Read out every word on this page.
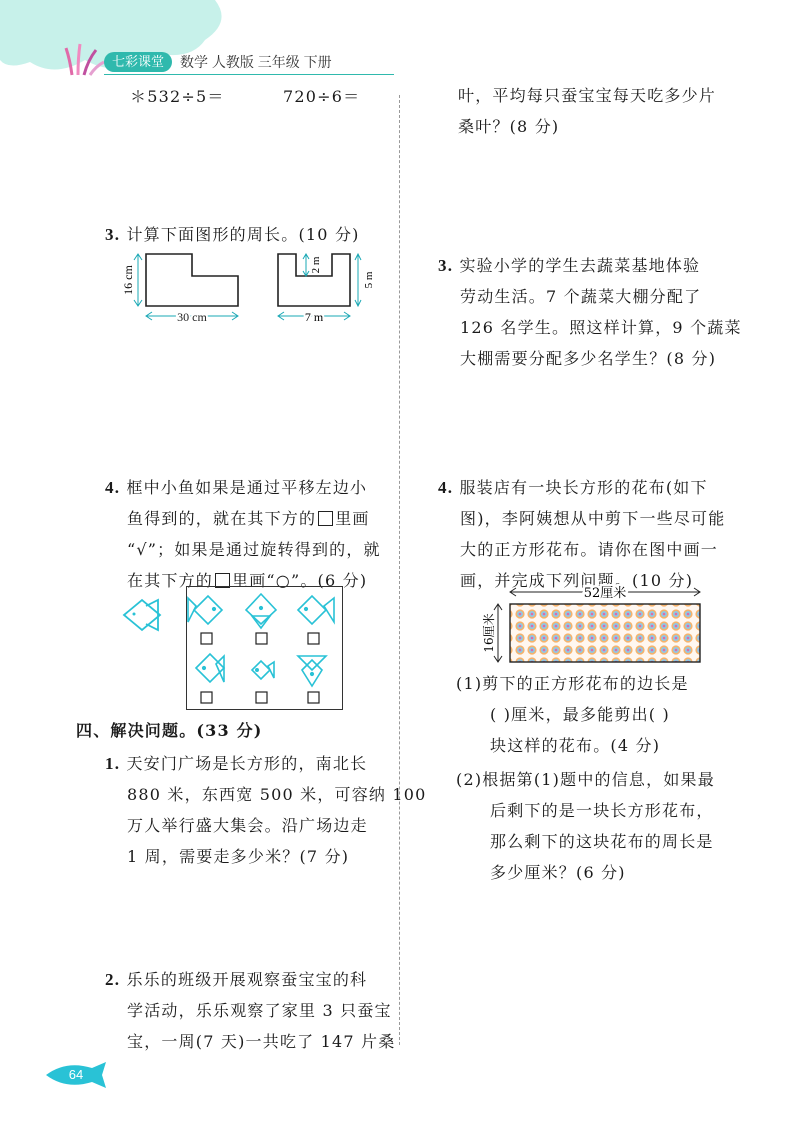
七彩课堂	数学 人教版 三年级 下册
＊532÷5＝	720÷6＝
3. 计算下面图形的周长。(10 分)
16 cm
30 cm
2 m
5 m
7 m
4. 框中小鱼如果是通过平移左边小
鱼得到的，就在其下方的 里画
“√”；如果是通过旋转得到的，就
在其下方的 里画“○”。(6 分)
四、解决问题。(33 分)
1. 天安门广场是长方形的，南北长
880 米，东西宽 500 米，可容纳 100
万人举行盛大集会。沿广场边走
1 周，需要走多少米？(7 分)
2. 乐乐的班级开展观察蚕宝宝的科
学活动，乐乐观察了家里 3 只蚕宝
宝，一周(7 天)一共吃了 147 片桑
叶，平均每只蚕宝宝每天吃多少片
桑叶？(8 分)
3. 实验小学的学生去蔬菜基地体验
劳动生活。7 个蔬菜大棚分配了
126 名学生。照这样计算，9 个蔬菜
大棚需要分配多少名学生？(8 分)
4. 服装店有一块长方形的花布(如下
图)，李阿姨想从中剪下一些尽可能
大的正方形花布。请你在图中画一
画，并完成下列问题。(10 分)
52厘米
16厘米
(1)剪下的正方形花布的边长是
( )厘米，最多能剪出( )
块这样的花布。(4 分)
(2)根据第(1)题中的信息，如果最
后剩下的是一块长方形花布，
那么剩下的这块花布的周长是
多少厘米？(6 分)
64
